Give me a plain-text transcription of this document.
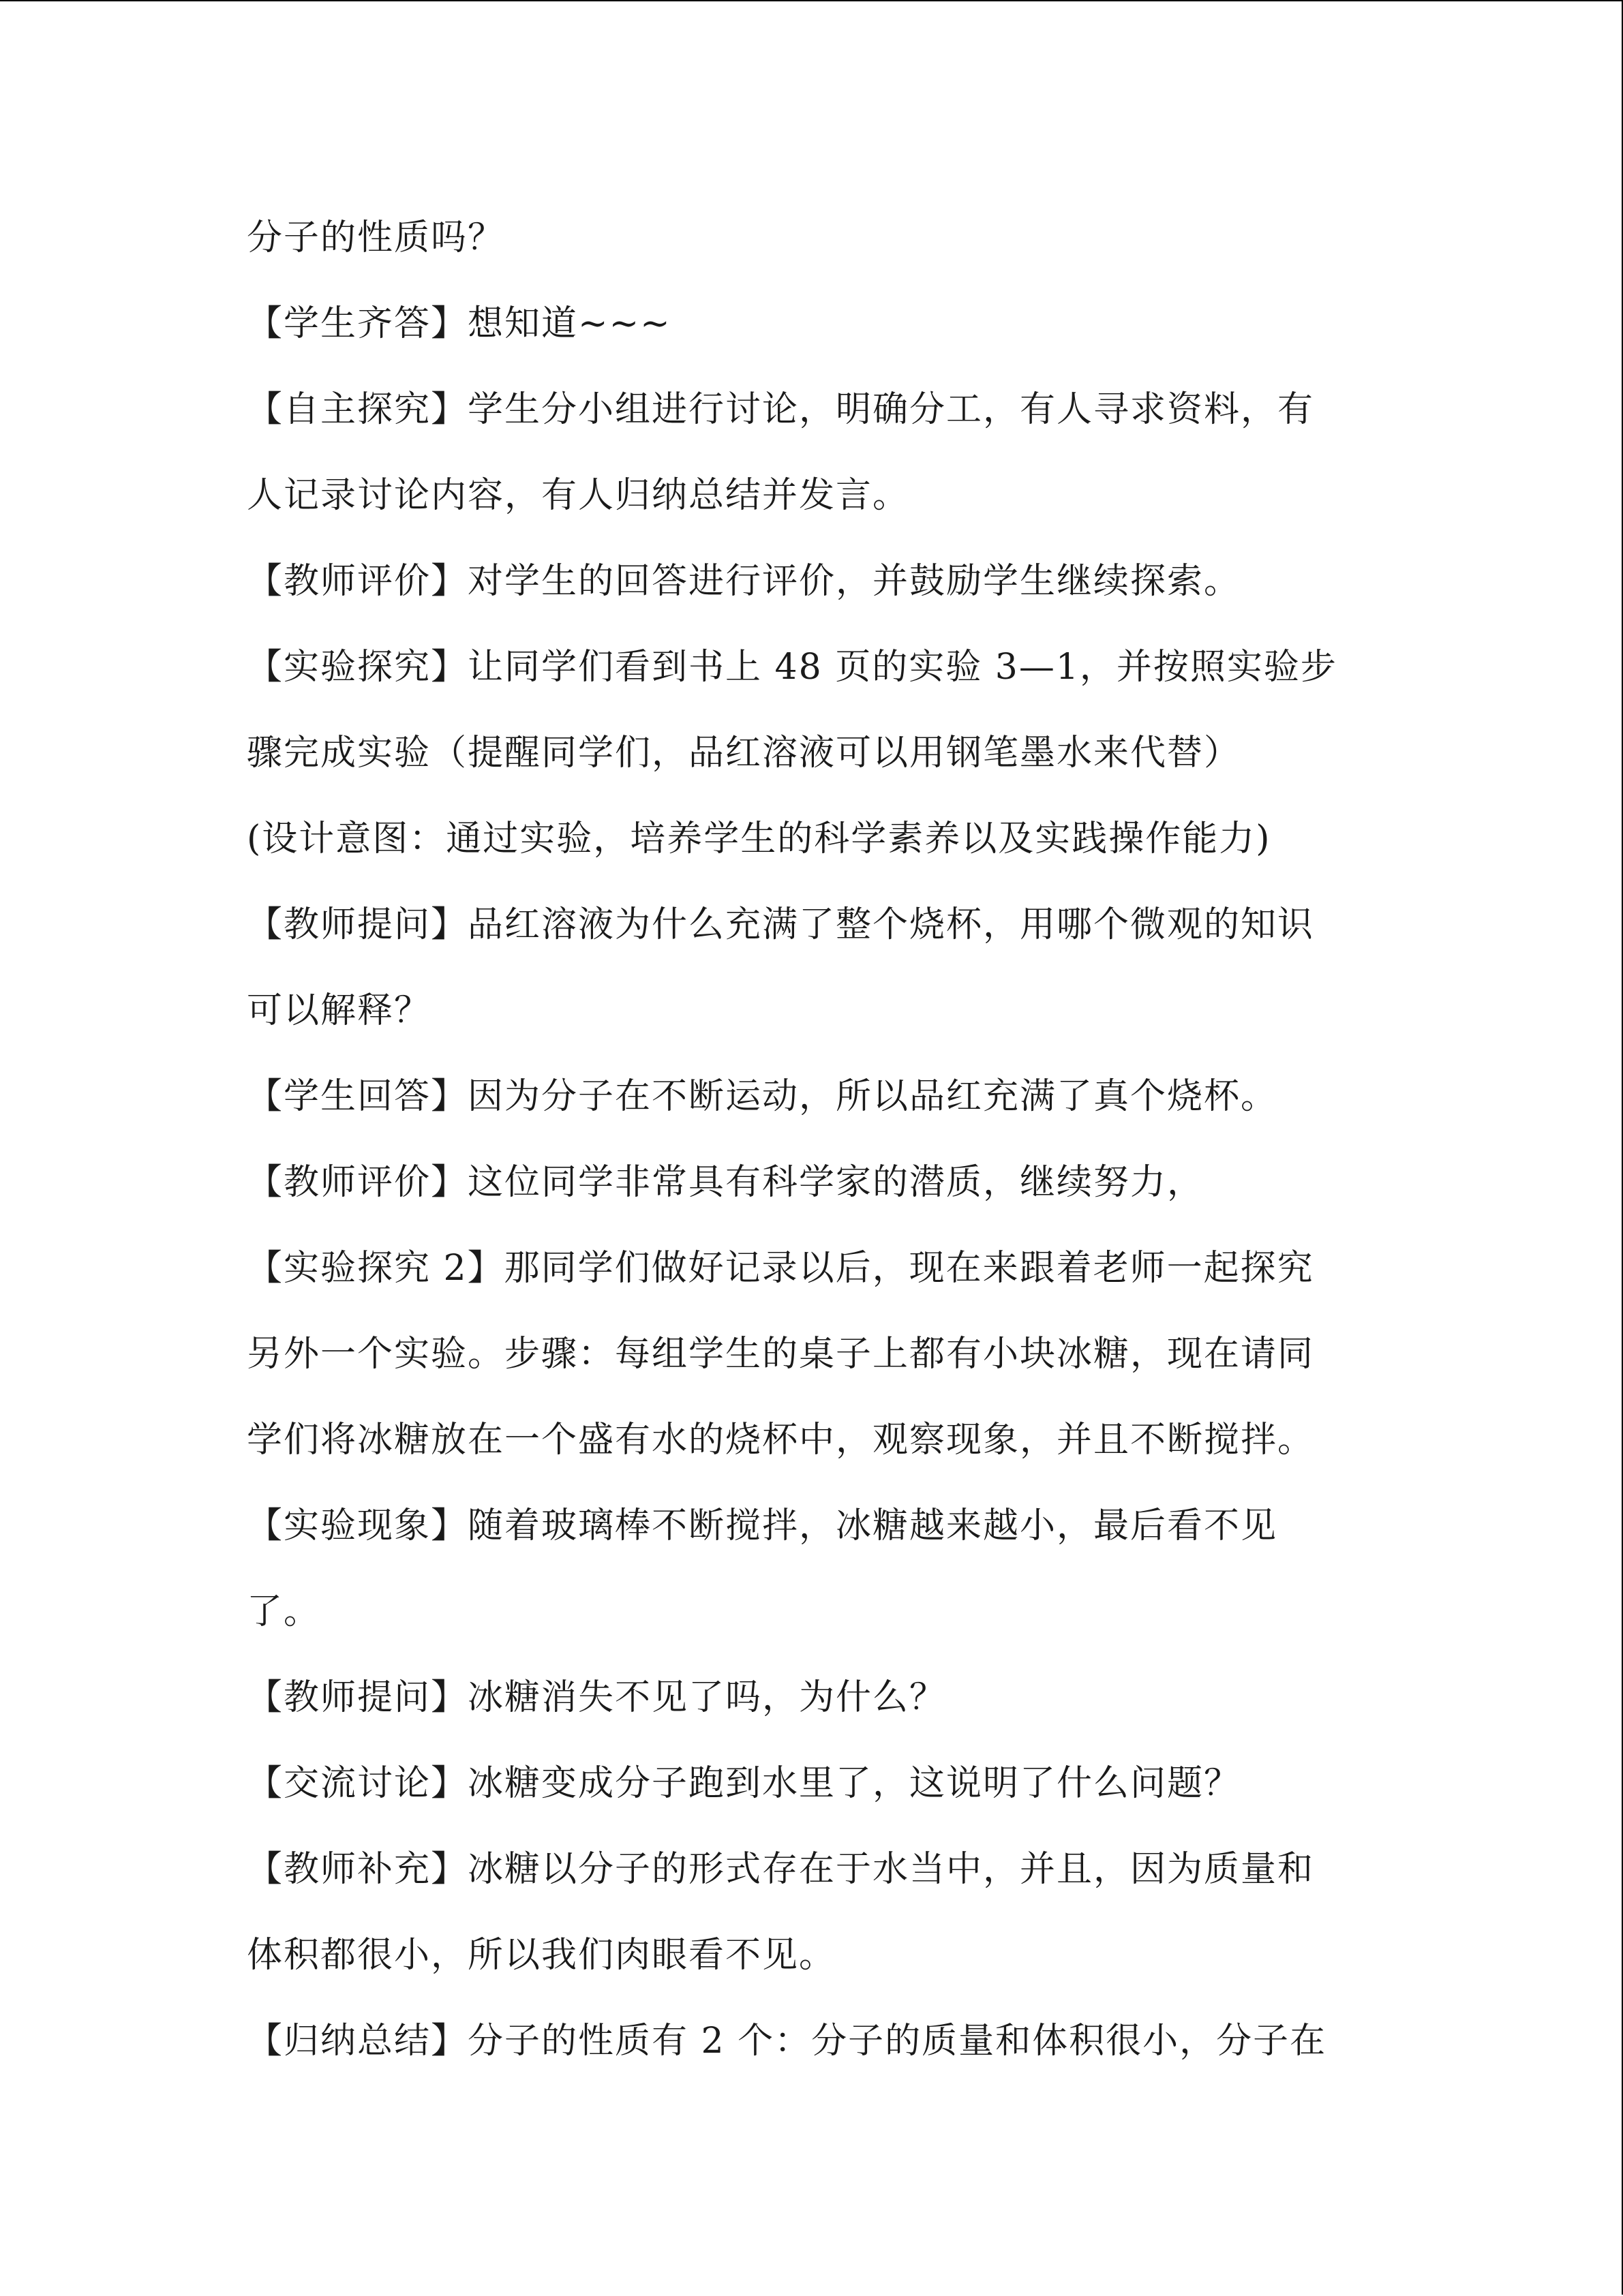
分子的性质吗？

【学生齐答】想知道~~~

【自主探究】学生分小组进行讨论，明确分工，有人寻求资料，有

人记录讨论内容，有人归纳总结并发言。

【教师评价】对学生的回答进行评价，并鼓励学生继续探索。

【实验探究】让同学们看到书上 48 页的实验 3—1，并按照实验步

骤完成实验（提醒同学们，品红溶液可以用钢笔墨水来代替）

(设计意图：通过实验，培养学生的科学素养以及实践操作能力)

【教师提问】品红溶液为什么充满了整个烧杯，用哪个微观的知识

可以解释？

【学生回答】因为分子在不断运动，所以品红充满了真个烧杯。

【教师评价】这位同学非常具有科学家的潜质，继续努力，

【实验探究 2】那同学们做好记录以后，现在来跟着老师一起探究

另外一个实验。步骤：每组学生的桌子上都有小块冰糖，现在请同

学们将冰糖放在一个盛有水的烧杯中，观察现象，并且不断搅拌。

【实验现象】随着玻璃棒不断搅拌，冰糖越来越小，最后看不见

了。

【教师提问】冰糖消失不见了吗，为什么？

【交流讨论】冰糖变成分子跑到水里了，这说明了什么问题？

【教师补充】冰糖以分子的形式存在于水当中，并且，因为质量和

体积都很小，所以我们肉眼看不见。

【归纳总结】分子的性质有 2 个：分子的质量和体积很小，分子在
